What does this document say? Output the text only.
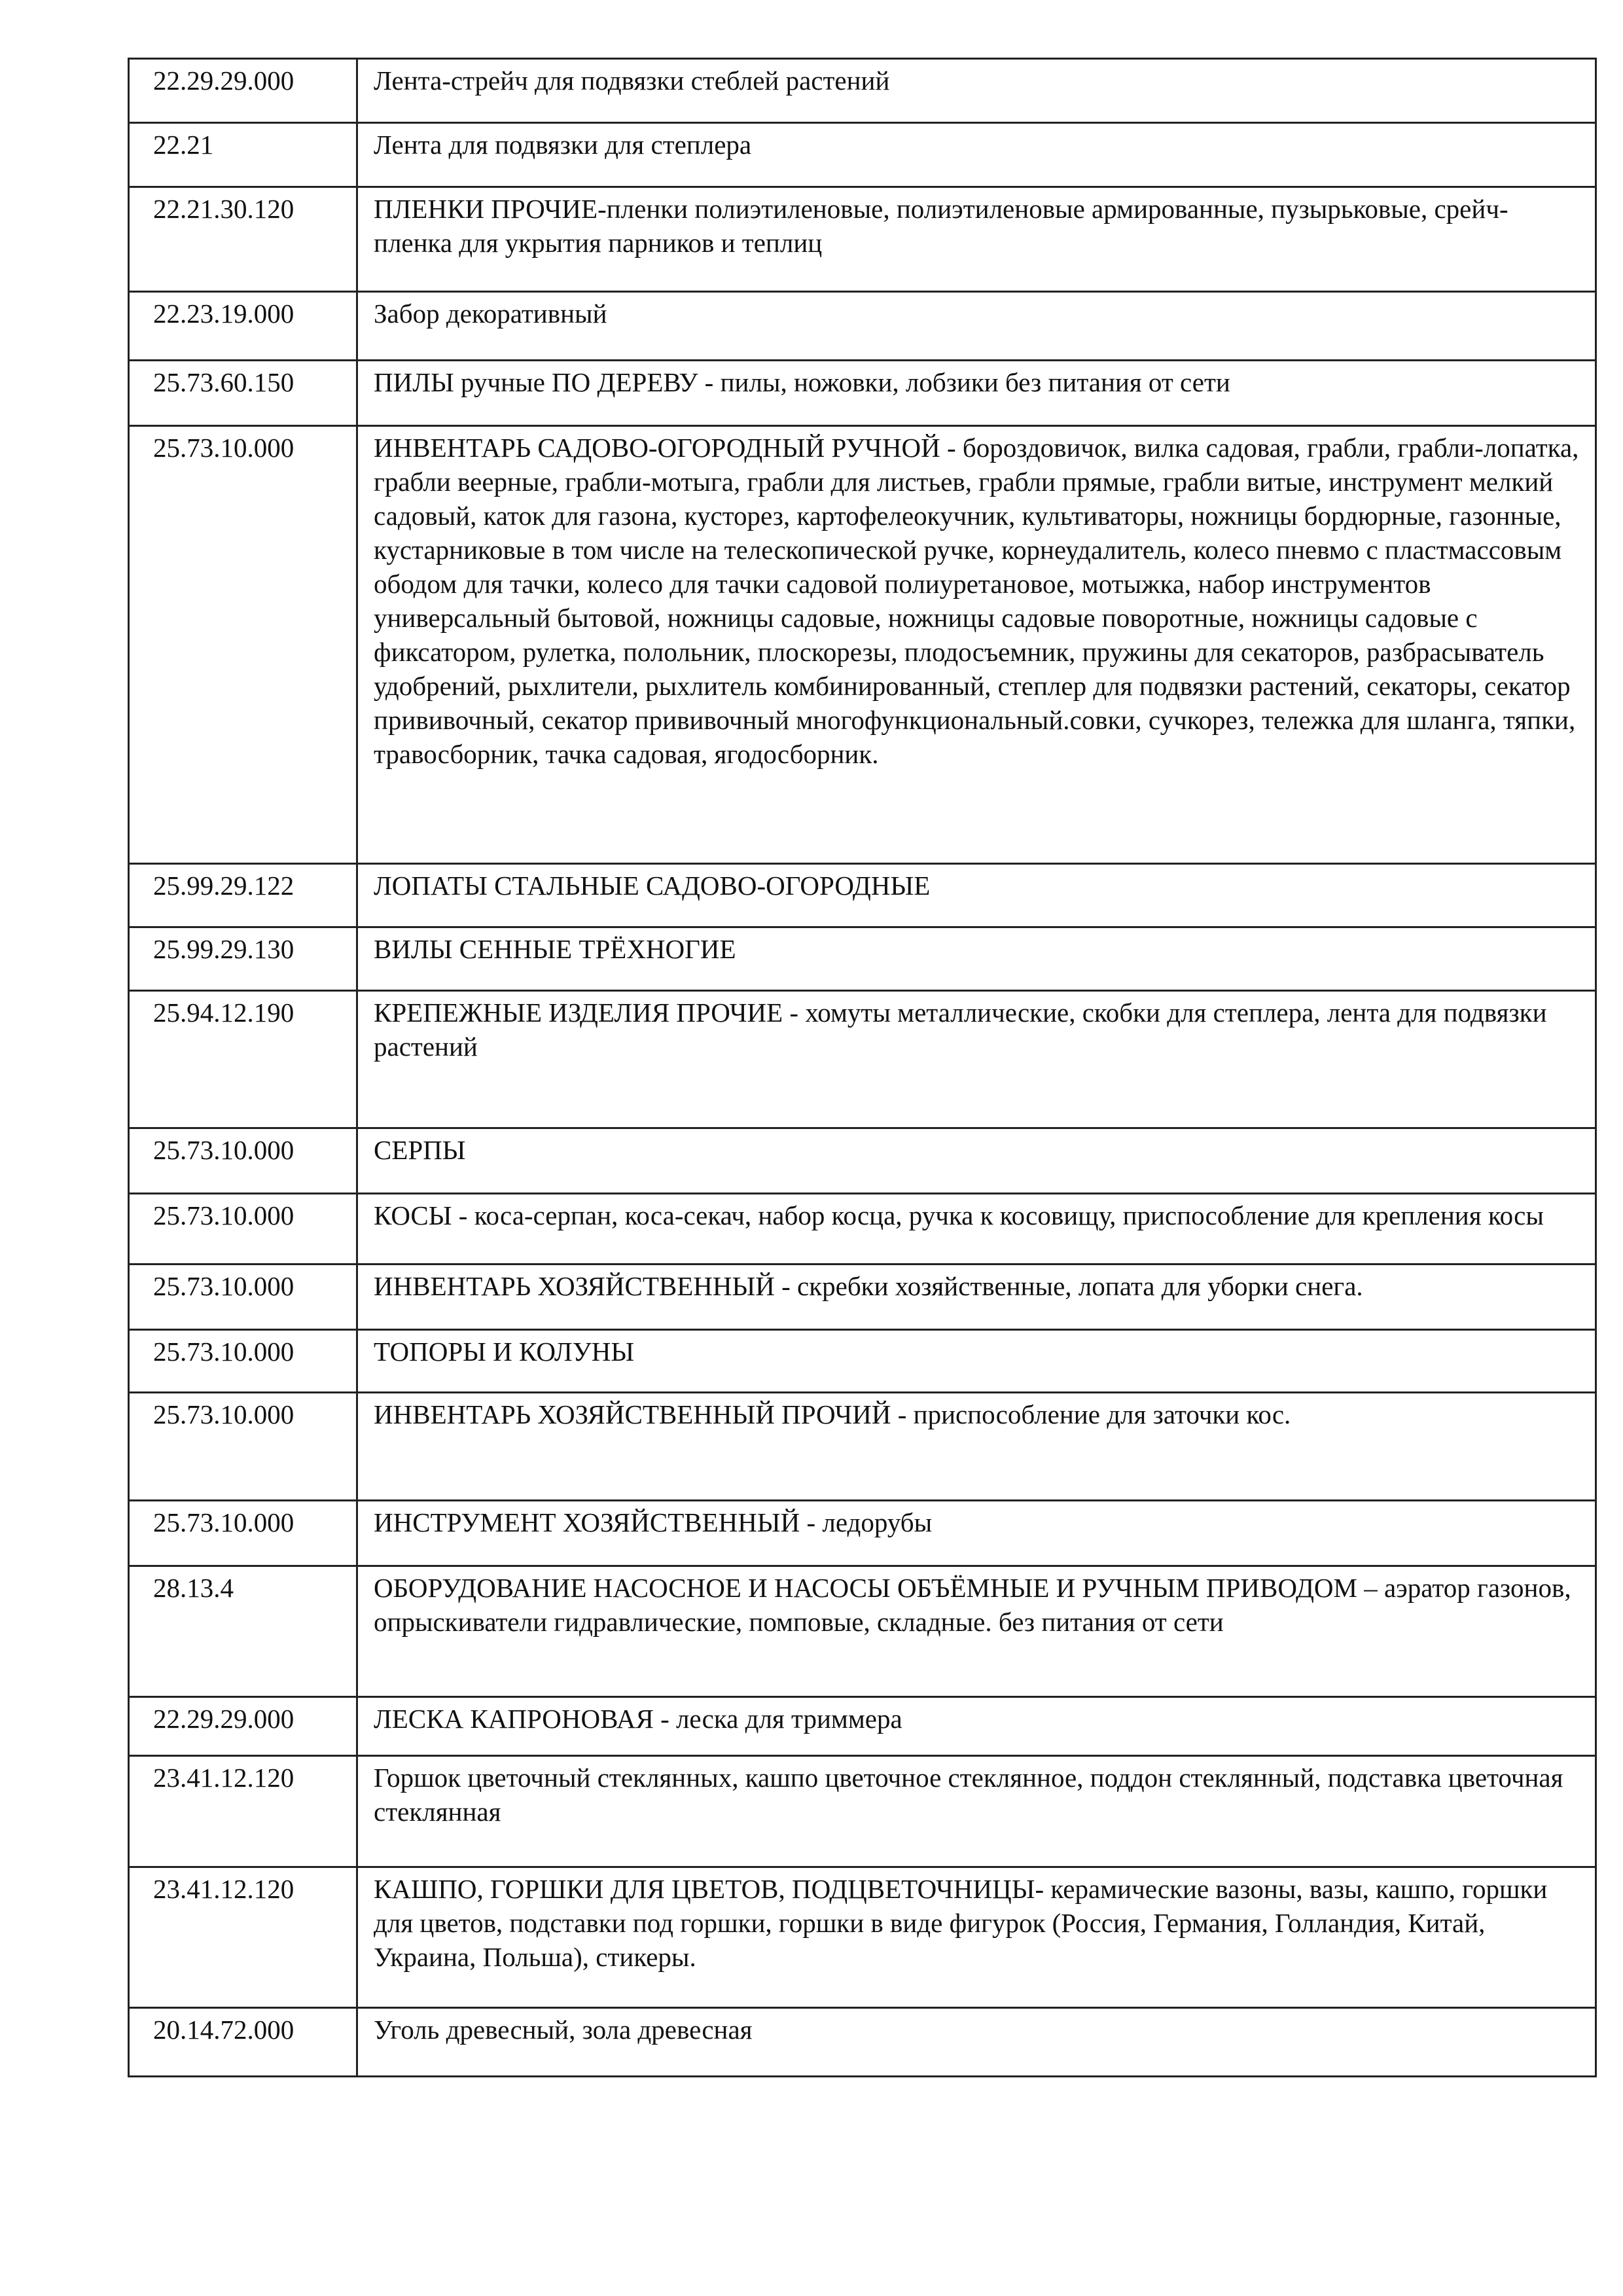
22.29.29.000	Лента-стрейч для подвязки стеблей растений
22.21	Лента для подвязки для степлера
22.21.30.120	ПЛЕНКИ ПРОЧИЕ-пленки полиэтиленовые, полиэтиленовые армированные, пузырьковые, срейч-пленка для укрытия парников и теплиц
22.23.19.000	Забор декоративный
25.73.60.150	ПИЛЫ ручные ПО ДЕРЕВУ - пилы, ножовки, лобзики без питания от сети
25.73.10.000	ИНВЕНТАРЬ САДОВО-ОГОРОДНЫЙ РУЧНОЙ - бороздовичок, вилка садовая, грабли, грабли-лопатка, грабли веерные, грабли-мотыга, грабли для листьев, грабли прямые, грабли витые, инструмент мелкий садовый, каток для газона, кусторез, картофелеокучник, культиваторы, ножницы бордюрные, газонные, кустарниковые в том числе на телескопической ручке, корнеудалитель, колесо пневмо с пластмассовым ободом для тачки, колесо для тачки садовой полиуретановое, мотыжка, набор инструментов универсальный бытовой, ножницы садовые, ножницы садовые поворотные, ножницы садовые с фиксатором, рулетка, полольник, плоскорезы, плодосъемник, пружины для секаторов, разбрасыватель удобрений, рыхлители, рыхлитель комбинированный, степлер для подвязки растений, секаторы, секатор прививочный, секатор прививочный многофункциональный.совки, сучкорез, тележка для шланга, тяпки, травосборник, тачка садовая, ягодосборник.
25.99.29.122	ЛОПАТЫ СТАЛЬНЫЕ САДОВО-ОГОРОДНЫЕ
25.99.29.130	ВИЛЫ СЕННЫЕ ТРЁХНОГИЕ
25.94.12.190	КРЕПЕЖНЫЕ ИЗДЕЛИЯ ПРОЧИЕ - хомуты металлические, скобки для степлера, лента для подвязки растений
25.73.10.000	СЕРПЫ
25.73.10.000	КОСЫ - коса-серпан, коса-секач, набор косца, ручка к косовищу, приспособление для крепления косы
25.73.10.000	ИНВЕНТАРЬ ХОЗЯЙСТВЕННЫЙ - скребки хозяйственные, лопата для уборки снега.
25.73.10.000	ТОПОРЫ И КОЛУНЫ
25.73.10.000	ИНВЕНТАРЬ ХОЗЯЙСТВЕННЫЙ ПРОЧИЙ - приспособление для заточки кос.
25.73.10.000	ИНСТРУМЕНТ ХОЗЯЙСТВЕННЫЙ - ледорубы
28.13.4	ОБОРУДОВАНИЕ НАСОСНОЕ И НАСОСЫ ОБЪЁМНЫЕ И РУЧНЫМ ПРИВОДОМ – аэратор газонов, опрыскиватели гидравлические, помповые, складные. без питания от сети
22.29.29.000	ЛЕСКА КАПРОНОВАЯ - леска для триммера
23.41.12.120	Горшок цветочный стеклянных, кашпо цветочное стеклянное, поддон стеклянный, подставка цветочная стеклянная
23.41.12.120	КАШПО, ГОРШКИ ДЛЯ ЦВЕТОВ, ПОДЦВЕТОЧНИЦЫ- керамические вазоны, вазы, кашпо, горшки для цветов, подставки под горшки, горшки в виде фигурок (Россия, Германия, Голландия, Китай, Украина, Польша), стикеры.
20.14.72.000	Уголь древесный, зола древесная
